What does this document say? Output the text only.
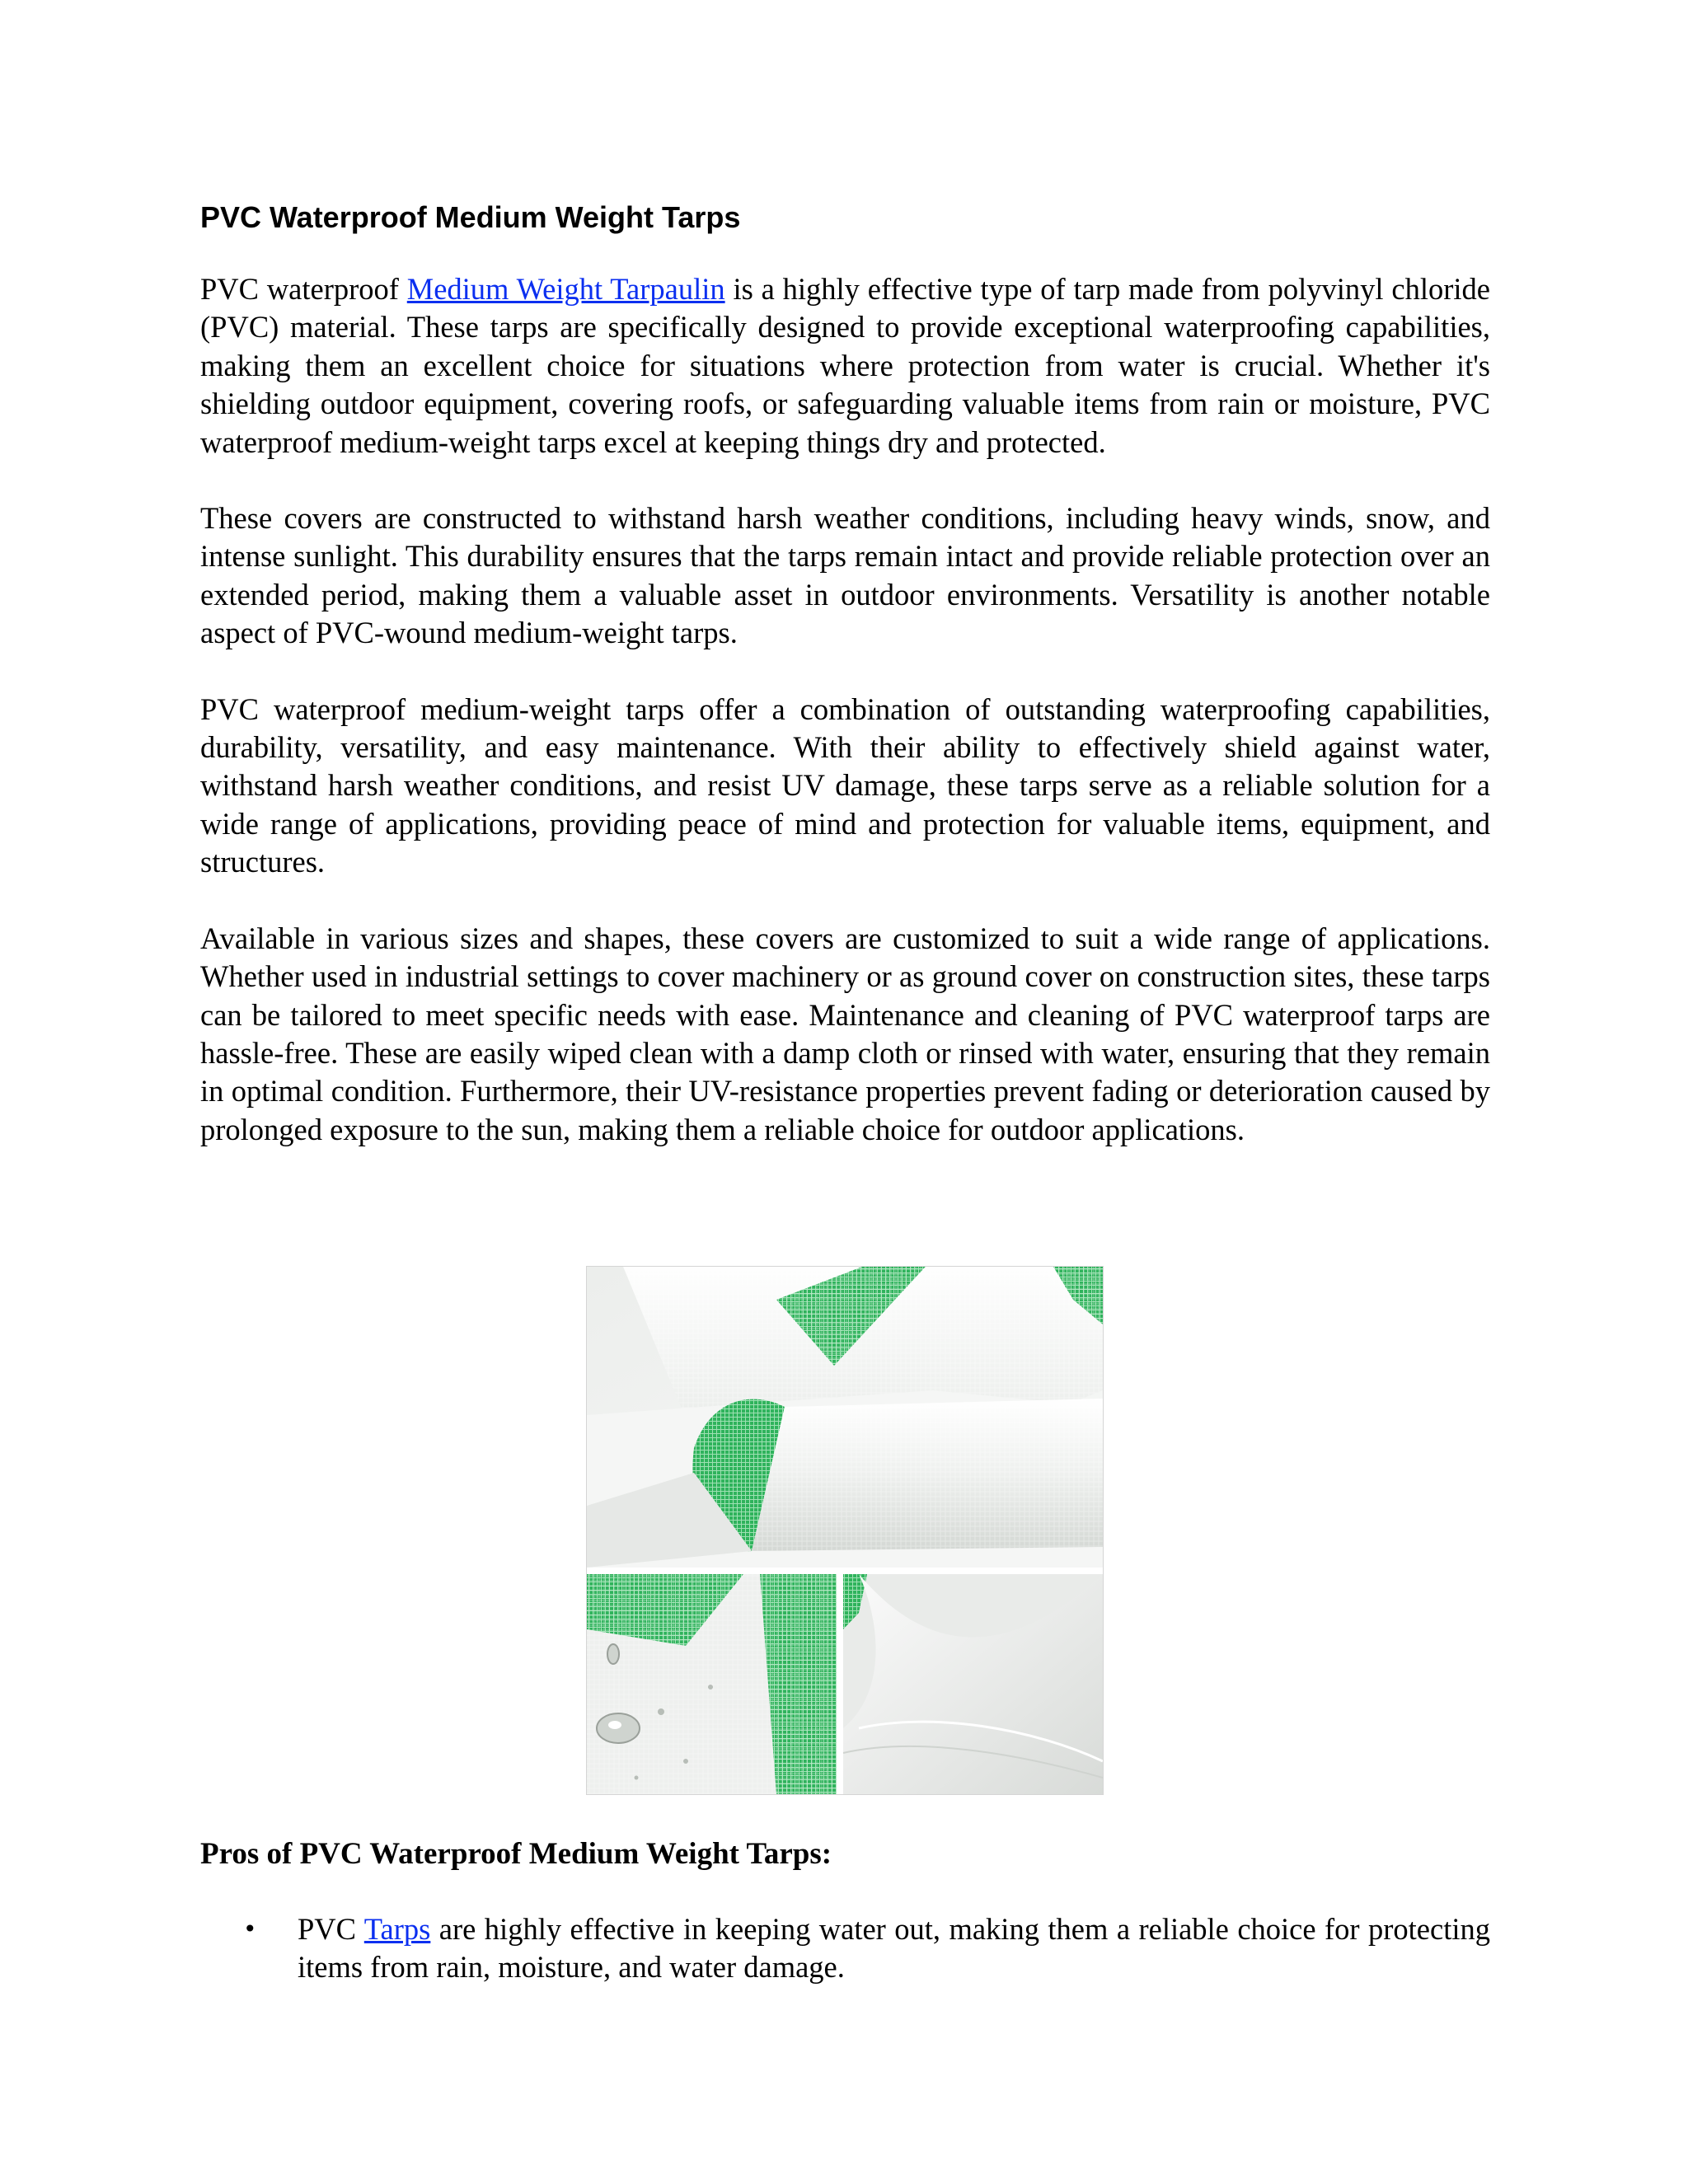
PVC Waterproof Medium Weight Tarps

PVC waterproof Medium Weight Tarpaulin is a highly effective type of tarp made from polyvinyl chloride (PVC) material. These tarps are specifically designed to provide exceptional waterproofing capabilities, making them an excellent choice for situations where protection from water is crucial. Whether it's shielding outdoor equipment, covering roofs, or safeguarding valuable items from rain or moisture, PVC waterproof medium-weight tarps excel at keeping things dry and protected.

These covers are constructed to withstand harsh weather conditions, including heavy winds, snow, and intense sunlight. This durability ensures that the tarps remain intact and provide reliable protection over an extended period, making them a valuable asset in outdoor environments. Versatility is another notable aspect of PVC-wound medium-weight tarps.

PVC waterproof medium-weight tarps offer a combination of outstanding waterproofing capabilities, durability, versatility, and easy maintenance. With their ability to effectively shield against water, withstand harsh weather conditions, and resist UV damage, these tarps serve as a reliable solution for a wide range of applications, providing peace of mind and protection for valuable items, equipment, and structures.

Available in various sizes and shapes, these covers are customized to suit a wide range of applications. Whether used in industrial settings to cover machinery or as ground cover on construction sites, these tarps can be tailored to meet specific needs with ease. Maintenance and cleaning of PVC waterproof tarps are hassle-free. These are easily wiped clean with a damp cloth or rinsed with water, ensuring that they remain in optimal condition. Furthermore, their UV-resistance properties prevent fading or deterioration caused by prolonged exposure to the sun, making them a reliable choice for outdoor applications.

Pros of PVC Waterproof Medium Weight Tarps:
• PVC Tarps are highly effective in keeping water out, making them a reliable choice for protecting items from rain, moisture, and water damage.
